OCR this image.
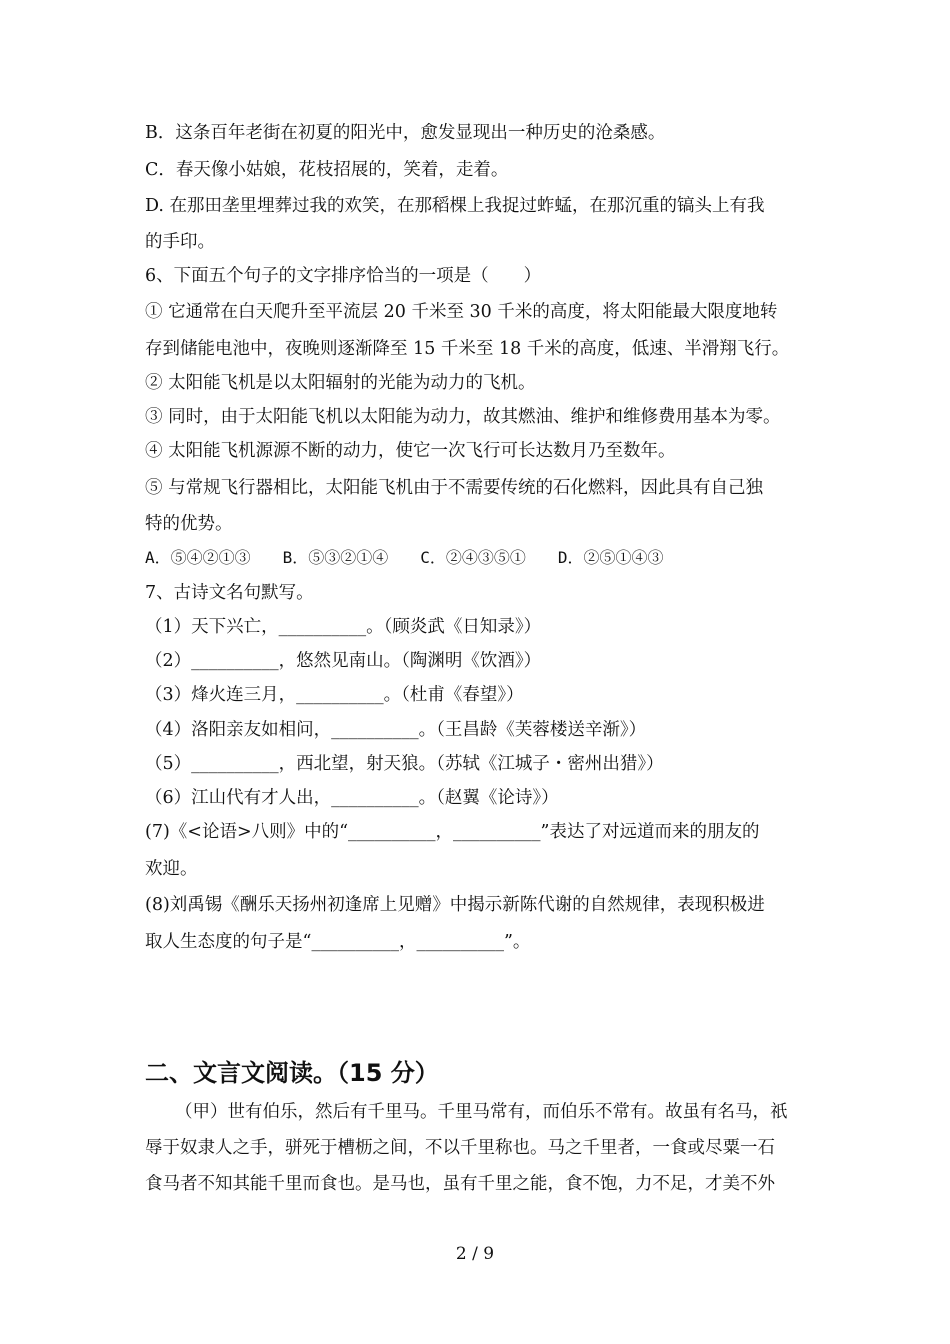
B．这条百年老街在初夏的阳光中，愈发显现出一种历史的沧桑感。
C．春天像小姑娘，花枝招展的，笑着，走着。
D. 在那田垄里埋葬过我的欢笑，在那稻棵上我捉过蚱蜢，在那沉重的镐头上有我
的手印。
6、下面五个句子的文字排序恰当的一项是（　　）
① 它通常在白天爬升至平流层 20 千米至 30 千米的高度，将太阳能最大限度地转
存到储能电池中，夜晚则逐渐降至 15 千米至 18 千米的高度，低速、半滑翔飞行。
② 太阳能飞机是以太阳辐射的光能为动力的飞机。
③ 同时，由于太阳能飞机以太阳能为动力，故其燃油、维护和维修费用基本为零。
④ 太阳能飞机源源不断的动力，使它一次飞行可长达数月乃至数年。
⑤ 与常规飞行器相比，太阳能飞机由于不需要传统的石化燃料，因此具有自己独
特的优势。
A．⑤④②①③　　B．⑤③②①④　　C．②④③⑤①　　D．②⑤①④③
7、古诗文名句默写。
（1）天下兴亡，__________。（顾炎武《日知录》）
（2）__________，悠然见南山。（陶渊明《饮酒》）
（3）烽火连三月，__________。（杜甫《春望》）
（4）洛阳亲友如相问，__________。（王昌龄《芙蓉楼送辛渐》）
（5）__________，西北望，射天狼。（苏轼《江城子・密州出猎》）
（6）江山代有才人出，__________。（赵翼《论诗》）
(7)《<论语>八则》中的“__________，__________”表达了对远道而来的朋友的
欢迎。
(8)刘禹锡《酬乐天扬州初逢席上见赠》中揭示新陈代谢的自然规律，表现积极进
取人生态度的句子是“__________，__________”。
二、文言文阅读。（15 分）
（甲）世有伯乐，然后有千里马。千里马常有，而伯乐不常有。故虽有名马，祇
辱于奴隶人之手，骈死于槽枥之间，不以千里称也。马之千里者，一食或尽粟一石
食马者不知其能千里而食也。是马也，虽有千里之能，食不饱，力不足，才美不外
2 / 9
